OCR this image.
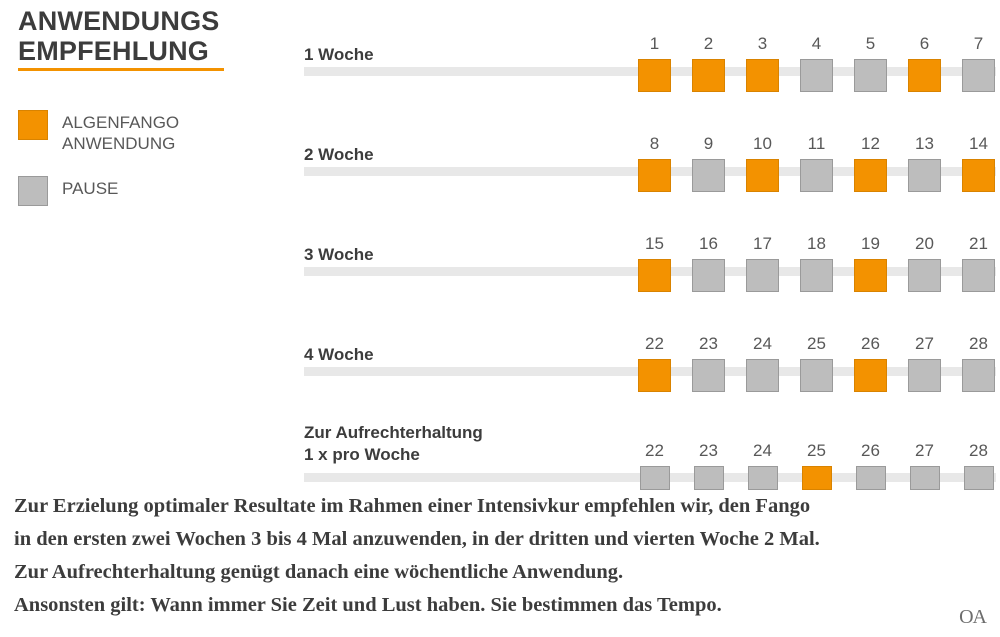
ANWENDUNGS
EMPFEHLUNG
ALGENFANGO
ANWENDUNG
PAUSE
1 Woche
1	2	3	4	5	6	7
2 Woche
8	9	10	11	12	13	14
3 Woche
15	16	17	18	19	20	21
4 Woche
22	23	24	25	26	27	28
Zur Aufrechterhaltung
1 x pro Woche	22	23	24	25	26	27	28

Zur Erzielung optimaler Resultate im Rahmen einer Intensivkur empfehlen wir, den Fango

in den ersten zwei Wochen 3 bis 4 Mal anzuwenden, in der dritten und vierten Woche 2 Mal.

Zur Aufrechterhaltung genügt danach eine wöchentliche Anwendung.

Ansonsten gilt: Wann immer Sie Zeit und Lust haben. Sie bestimmen das Tempo.

OA
